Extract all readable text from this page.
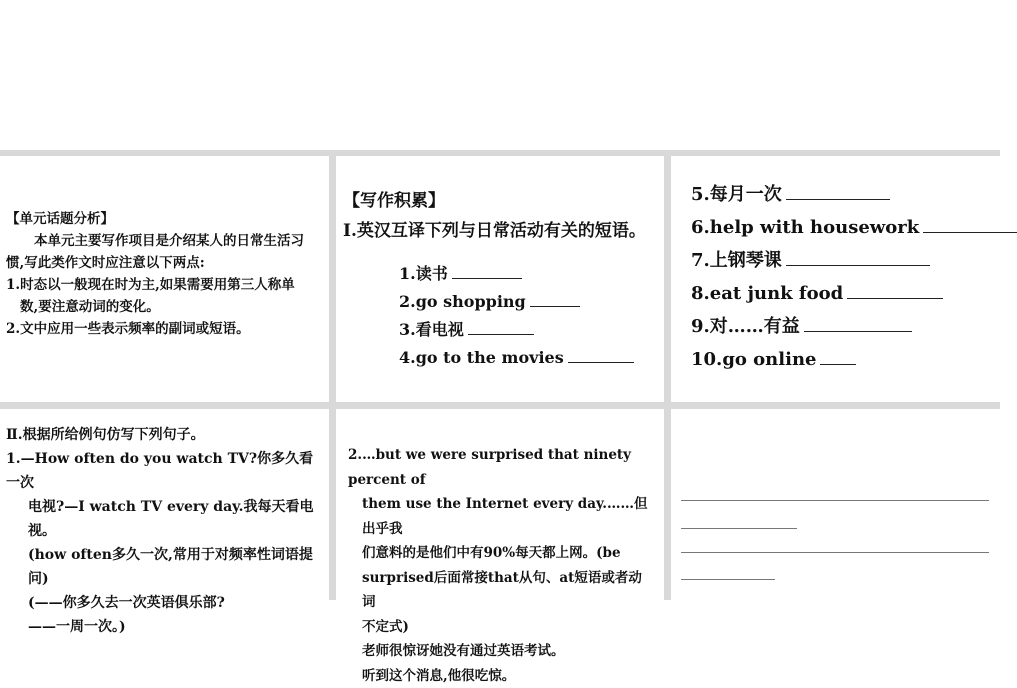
【单元话题分析】
本单元主要写作项目是介绍某人的日常生活习
惯,写此类作文时应注意以下两点:
1.时态以一般现在时为主,如果需要用第三人称单
数,要注意动词的变化。
2.文中应用一些表示频率的副词或短语。
【写作积累】
Ⅰ.英汉互译下列与日常活动有关的短语。
1.读书
2.go shopping
3.看电视
4.go to the movies
5.每月一次
6.help with housework
7.上钢琴课
8.eat junk food
9.对……有益
10.go online
Ⅱ.根据所给例句仿写下列句子。
1.—How often do you watch TV?你多久看一次
电视?—I watch TV every day.我每天看电视。
(how often多久一次,常用于对频率性词语提
问)
(——你多久去一次英语俱乐部?
——一周一次。)
2.…but we were surprised that ninety percent of
them use the Internet every day.……但出乎我
们意料的是他们中有90%每天都上网。(be
surprised后面常接that从句、at短语或者动词
不定式)
老师很惊讶她没有通过英语考试。
听到这个消息,他很吃惊。
